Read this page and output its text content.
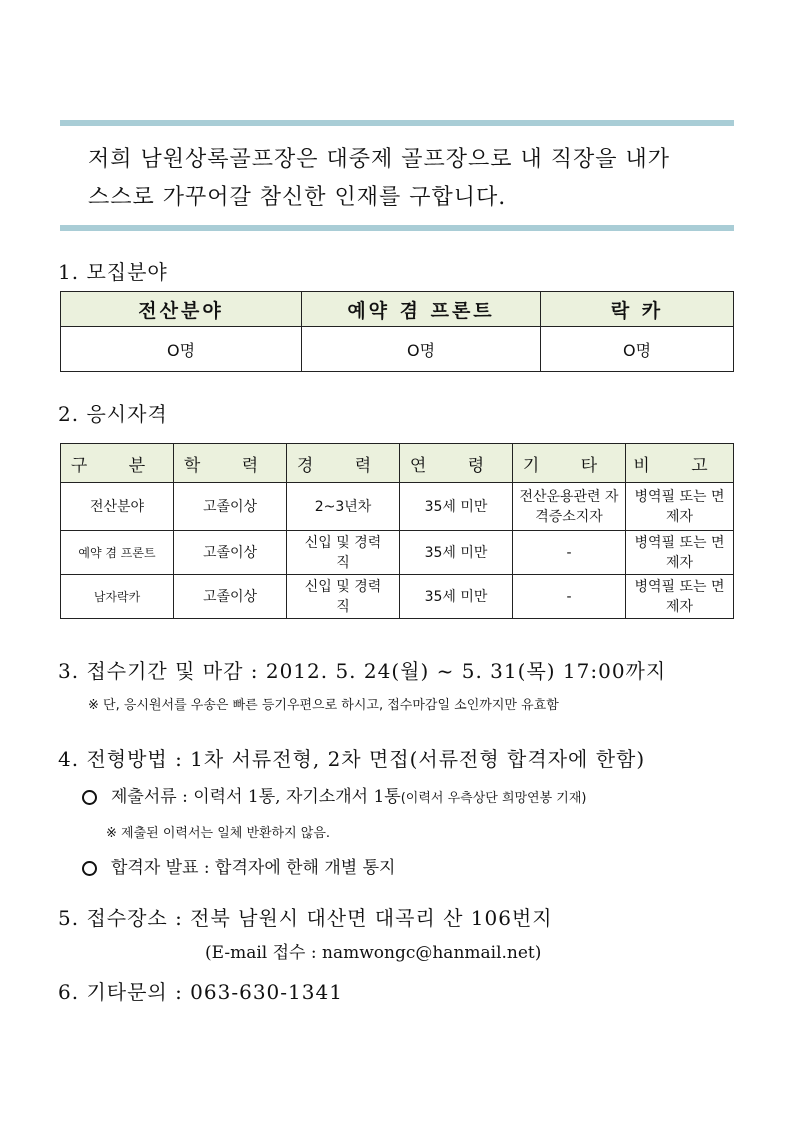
저희 남원상록골프장은 대중제 골프장으로 내 직장을 내가
스스로 가꾸어갈 참신한 인재를 구합니다.
1. 모집분야
전산분야	예약 겸 프론트	락 카
O명	O명	O명
2. 응시자격
구 분	학 력	경 력	연 령	기 타	비 고
전산분야	고졸이상	2~3년차	35세 미만	전산운용관련 자격증소지자	병역필 또는 면제자
예약 겸 프론트	고졸이상	신입 및 경력직	35세 미만	-	병역필 또는 면제자
남자락카	고졸이상	신입 및 경력직	35세 미만	-	병역필 또는 면제자
3. 접수기간 및 마감 : 2012. 5. 24(월) ~ 5. 31(목) 17:00까지
※ 단, 응시원서를 우송은 빠른 등기우편으로 하시고, 접수마감일 소인까지만 유효함
4. 전형방법 : 1차 서류전형, 2차 면접(서류전형 합격자에 한함)
제출서류 : 이력서 1통, 자기소개서 1통(이력서 우측상단 희망연봉 기재)
※ 제출된 이력서는 일체 반환하지 않음.
합격자 발표 : 합격자에 한해 개별 통지
5. 접수장소 : 전북 남원시 대산면 대곡리 산 106번지
(E-mail 접수 : namwongc@hanmail.net)
6. 기타문의 : 063-630-1341
